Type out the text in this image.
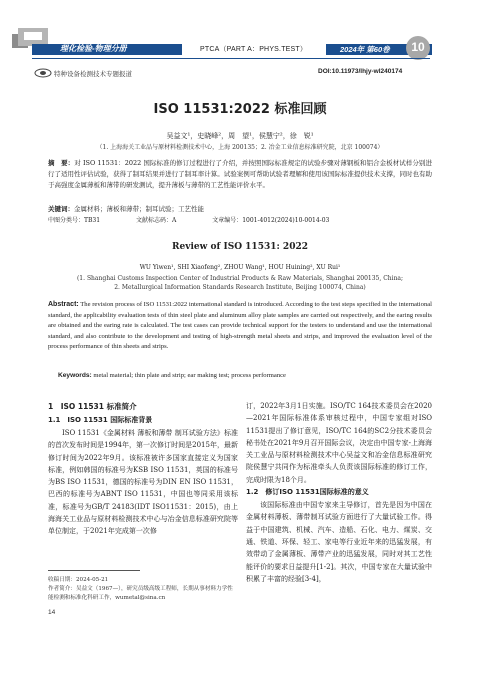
理化检验-物理分册	PTCA（PART A：PHYS.TEST）	2024年 第60卷	10
特种设备检测技术专题报道	DOI:10.11973/lhjy-wl240174
ISO 11531:2022 标准回顾
吴益文¹，史晓峰²，周　望¹，侯慧宁²，徐　锐¹
（1. 上海海关工业品与原材料检测技术中心，上海 200135；2. 冶金工业信息标准研究院，北京 100074）
摘　要：对 ISO 11531：2022 国际标准的修订过程进行了介绍，并按照国际标准规定的试验步骤对薄钢板和铝合金板材试样分别进行了适用性评估试验，获得了制耳结果并进行了制耳率计算。试验案例可帮助试验者理解和使用该国际标准提供技术支撑，同时也有助于高强度金属薄板和薄带的研发测试，提升薄板与薄带的工艺性能评价水平。
关键词：金属材料；薄板和薄带；制耳试验；工艺性能
中图分类号：TB31	文献标志码：A	文章编号：1001-4012(2024)10-0014-03
Review of ISO 11531: 2022
WU Yiwen¹, SHI Xiaofeng², ZHOU Wang¹, HOU Huining², XU Rui¹
(1. Shanghai Customs Inspection Center of Industrial Products & Raw Materials, Shanghai 200135, China;
2. Metallurgical Information Standards Research Institute, Beijing 100074, China)
Abstract: The revision process of ISO 11531:2022 international standard is introduced. According to the test steps specified in the international standard, the applicability evaluation tests of thin steel plate and aluminum alloy plate samples are carried out respectively, and the earing results are obtained and the earing rate is calculated. The test cases can provide technical support for the testers to understand and use the international standard, and also contribute to the development and testing of high-strength metal sheets and strips, and improved the evaluation level of the process performance of thin sheets and strips.
Keywords: metal material; thin plate and strip; ear making test; process performance
1　ISO 11531 标准简介
1.1　ISO 11531 国际标准背景
ISO 11531《金属材料 薄板和薄带 制耳试验方法》标准的首次发布时间是1994年，第一次修订时间是2015年，最新修订时间为2022年9月。该标准被许多国家直接定义为国家标准，例如韩国的标准号为KSB ISO 11531，英国的标准号为BS ISO 11531，德国的标准号为DIN EN ISO 11531，巴西的标准号为ABNT ISO 11531，中国也等同采用该标准，标准号为GB/T 24183(IDT ISO11531：2015)，由上海海关工业品与原材料检测技术中心与冶金信息标准研究院等单位制定，于2021年完成第一次修
订，2022年3月1日实施。ISO/TC 164技术委员会在2020—2021年国际标准体系审核过程中，中国专家组对ISO 11531提出了修订意见，ISO/TC 164的SC2分技术委员会秘书处在2021年9月召开国际会议，决定由中国专家-上海海关工业品与原材料检测技术中心吴益文和冶金信息标准研究院侯慧宁共同作为标准牵头人负责该国际标准的修订工作，完成时限为18个月。
1.2　修订ISO 11531国际标准的意义
该国际标准由中国专家来主导修订，首先是因为中国在金属材料薄板、薄带制耳试验方面进行了大量试验工作。得益于中国建筑、机械、汽车、造船、石化、电力、煤炭、交通、铁道、环保、轻工、家电等行业近年来的迅猛发展，有效带动了金属薄板、薄带产业的迅猛发展，同时对其工艺性能评价的要求日益提升[1-2]。其次，中国专家在大量试验中积累了丰富的经验[3-4]，
收稿日期：2024-05-21
作者简介：吴益文（1967—），研究员级高级工程师，长期从事材料力学性能检测和标准化科研工作，wumetal@sina.cn
14
